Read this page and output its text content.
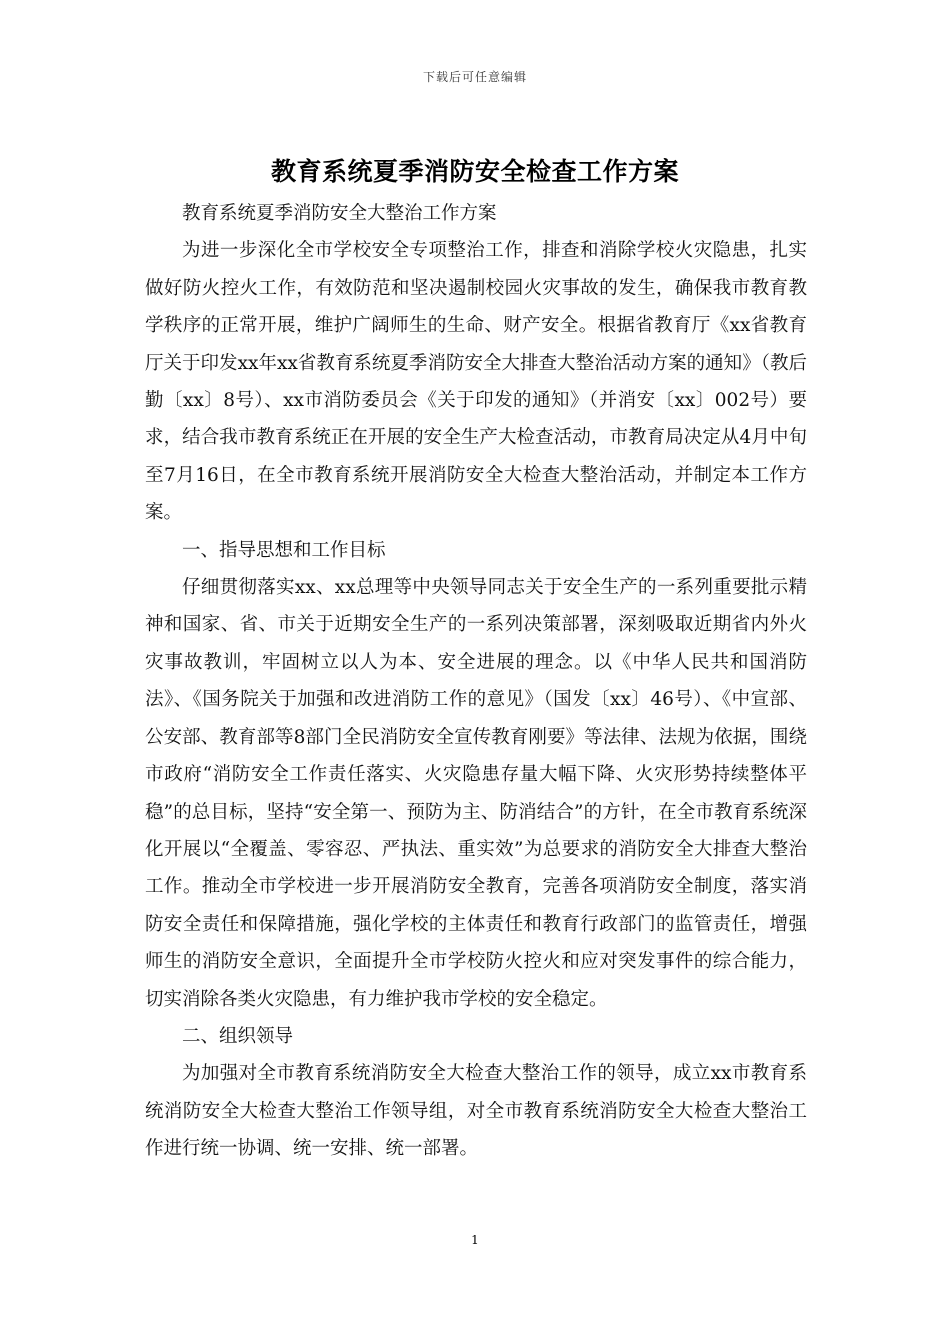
下载后可任意编辑
教育系统夏季消防安全检查工作方案

教育系统夏季消防安全大整治工作方案

为进一步深化全市学校安全专项整治工作，排查和消除学校火灾隐患，扎实做好防火控火工作，有效防范和坚决遏制校园火灾事故的发生，确保我市教育教学秩序的正常开展，维护广阔师生的生命、财产安全。根据省教育厅《xx省教育厅关于印发xx年xx省教育系统夏季消防安全大排查大整治活动方案的通知》（教后勤〔xx〕8号）、xx市消防委员会《关于印发的通知》（并消安〔xx〕002号）要求，结合我市教育系统正在开展的安全生产大检查活动，市教育局决定从4月中旬至7月16日，在全市教育系统开展消防安全大检查大整治活动，并制定本工作方案。

一、指导思想和工作目标

仔细贯彻落实xx、xx总理等中央领导同志关于安全生产的一系列重要批示精神和国家、省、市关于近期安全生产的一系列决策部署，深刻吸取近期省内外火灾事故教训，牢固树立以人为本、安全进展的理念。以《中华人民共和国消防法》、《国务院关于加强和改进消防工作的意见》（国发〔xx〕46号）、《中宣部、公安部、教育部等8部门全民消防安全宣传教育刚要》等法律、法规为依据，围绕市政府“消防安全工作责任落实、火灾隐患存量大幅下降、火灾形势持续整体平稳”的总目标，坚持“安全第一、预防为主、防消结合”的方针，在全市教育系统深化开展以“全覆盖、零容忍、严执法、重实效”为总要求的消防安全大排查大整治工作。推动全市学校进一步开展消防安全教育，完善各项消防安全制度，落实消防安全责任和保障措施，强化学校的主体责任和教育行政部门的监管责任，增强师生的消防安全意识，全面提升全市学校防火控火和应对突发事件的综合能力，切实消除各类火灾隐患，有力维护我市学校的安全稳定。

二、组织领导

为加强对全市教育系统消防安全大检查大整治工作的领导，成立xx市教育系统消防安全大检查大整治工作领导组，对全市教育系统消防安全大检查大整治工作进行统一协调、统一安排、统一部署。

1
